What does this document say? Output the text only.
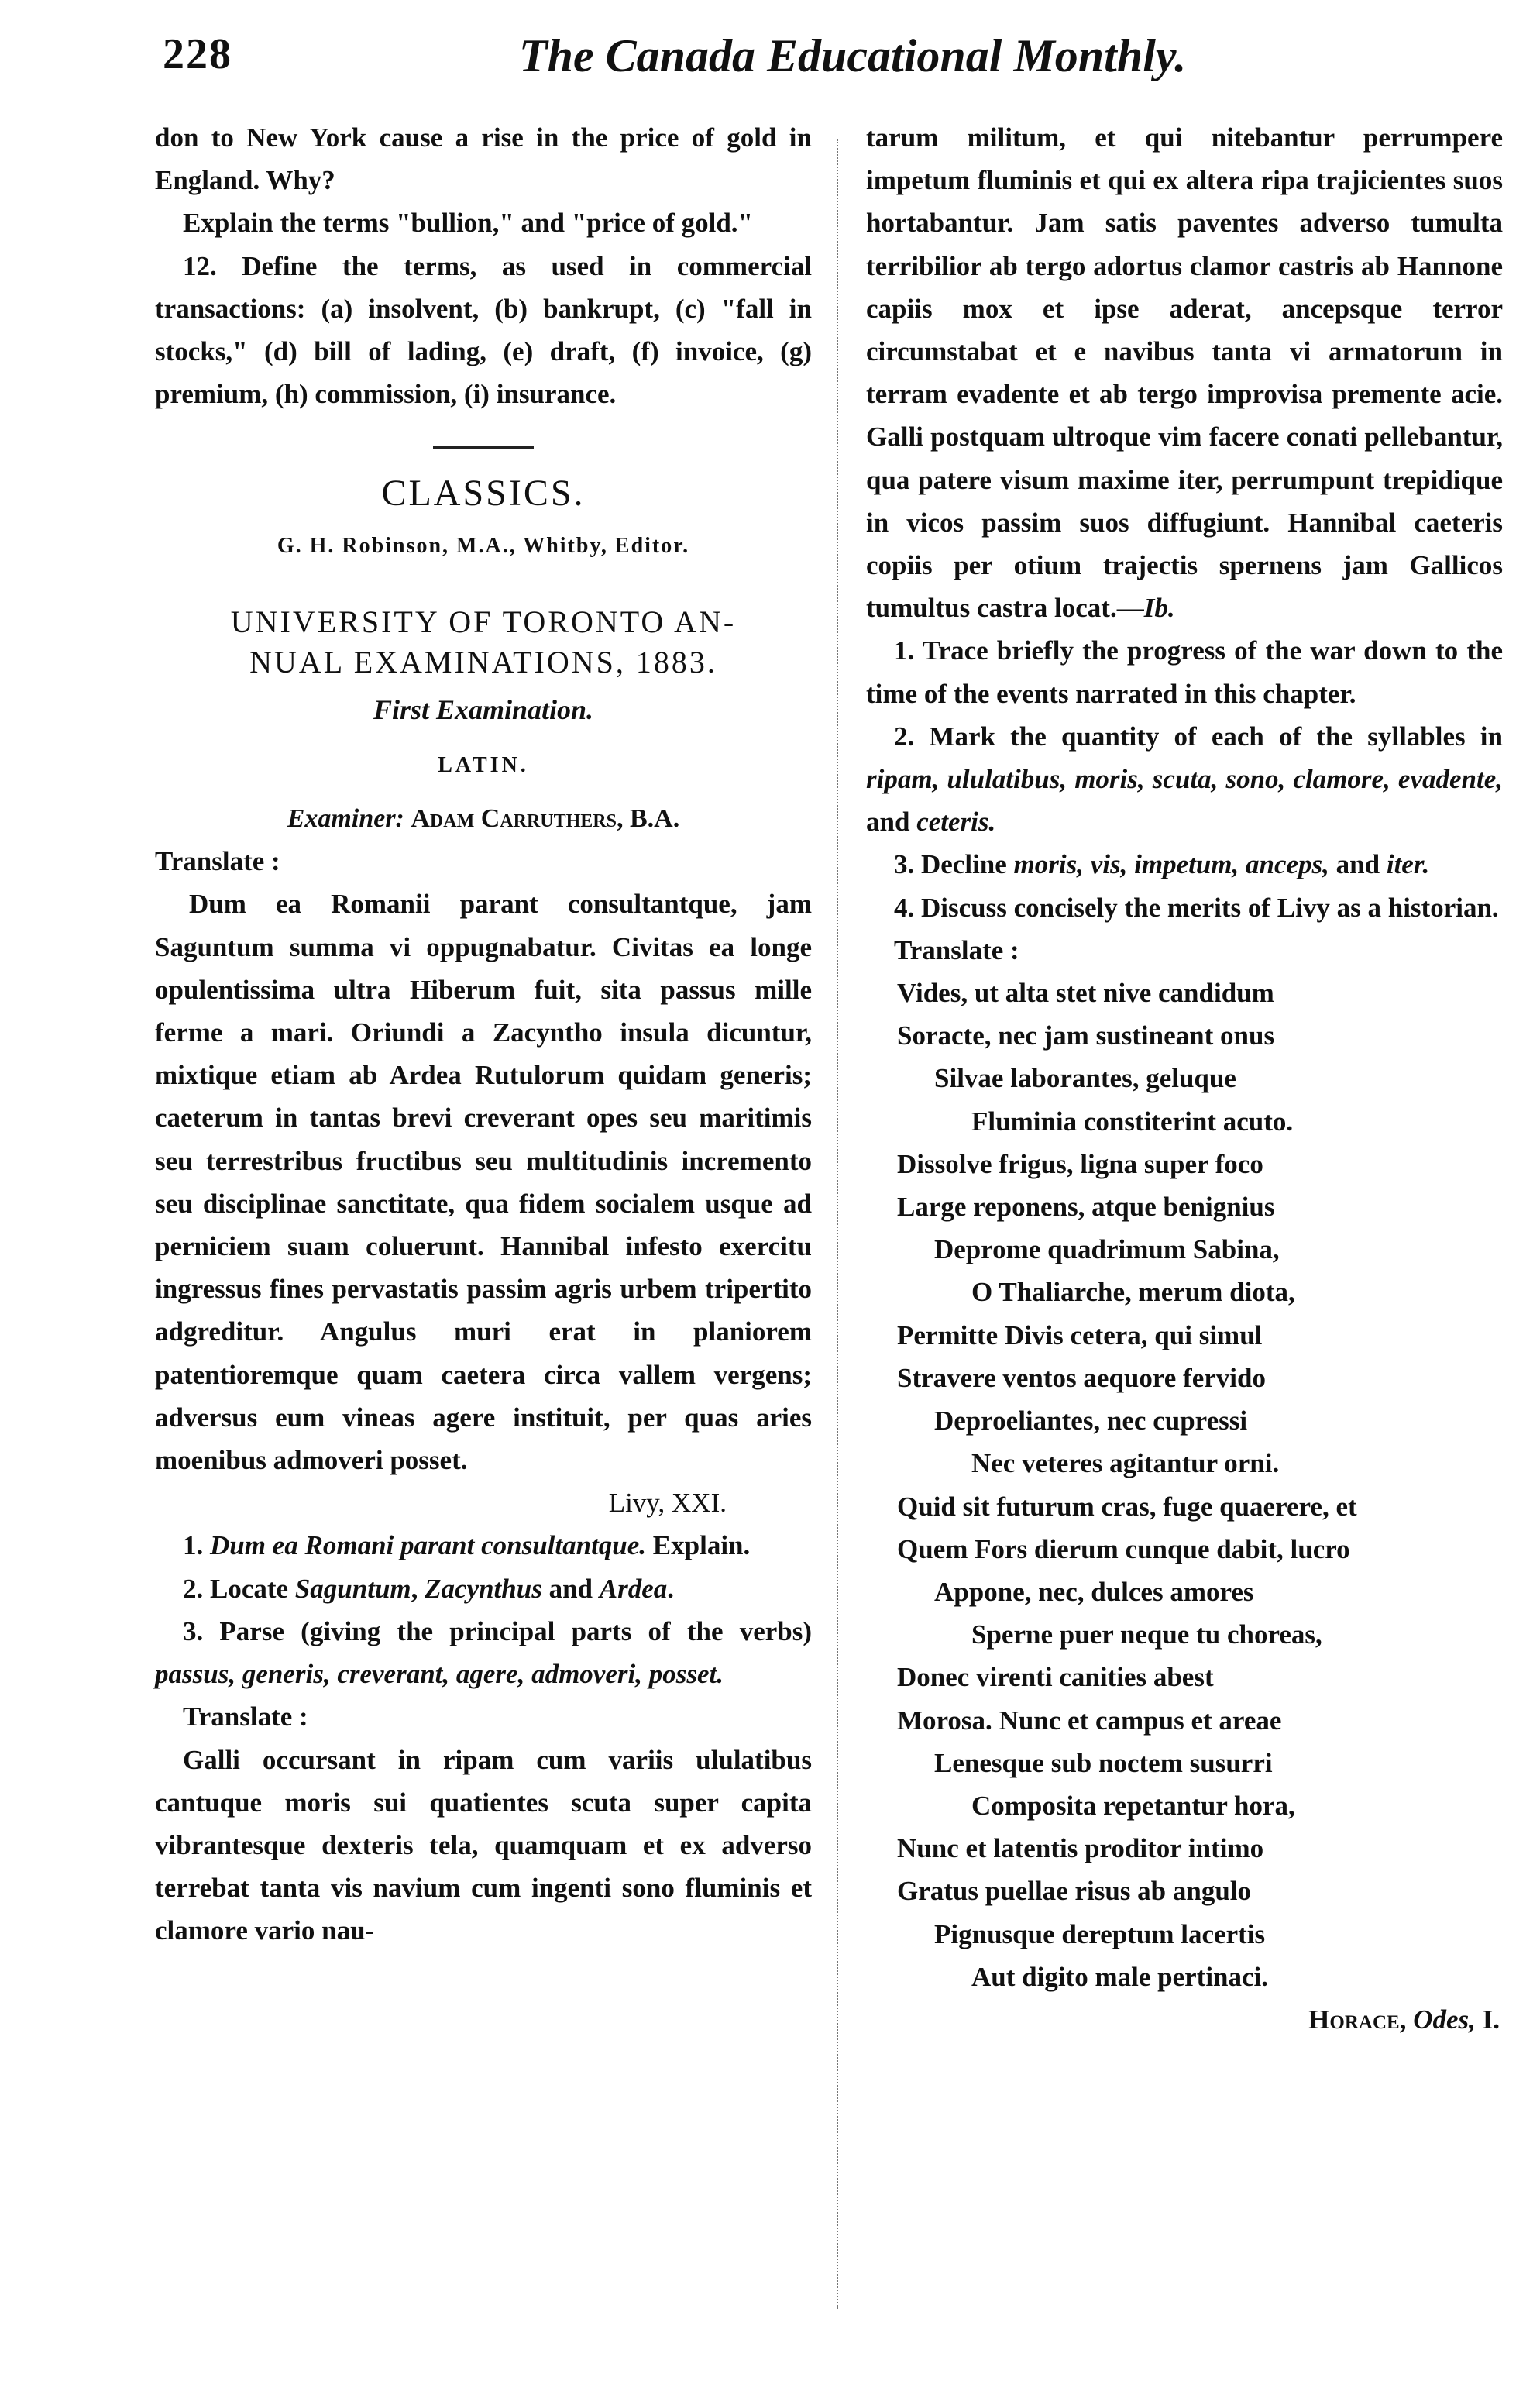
228	The Canada Educational Monthly.

don to New York cause a rise in the price of gold in England. Why?

Explain the terms "bullion," and "price of gold."

12. Define the terms, as used in commercial transactions: (a) insolvent, (b) bankrupt, (c) "fall in stocks," (d) bill of lading, (e) draft, (f) invoice, (g) premium, (h) commission, (i) insurance.

CLASSICS.
G. H. Robinson, M.A., Whitby, Editor.
UNIVERSITY OF TORONTO AN-
NUAL EXAMINATIONS, 1883.
First Examination.
LATIN.
Examiner: Adam Carruthers, B.A.

Translate :

Dum ea Romanii parant consultantque, jam Saguntum summa vi oppugnabatur. Civitas ea longe opulentissima ultra Hiberum fuit, sita passus mille ferme a mari. Oriundi a Zacyntho insula dicuntur, mixtique etiam ab Ardea Rutulorum quidam generis; caeterum in tantas brevi creverant opes seu maritimis seu terrestribus fructibus seu multitudinis incremento seu disciplinae sanctitate, qua fidem socialem usque ad perniciem suam coluerunt. Hannibal infesto exercitu ingressus fines pervastatis passim agris urbem tripertito adgreditur. Angulus muri erat in planiorem patentioremque quam caetera circa vallem vergens; adversus eum vineas agere instituit, per quas aries moenibus admoveri posset.

Livy, XXI.

1. Dum ea Romani parant consultantque. Explain.

2. Locate Saguntum, Zacynthus and Ardea.

3. Parse (giving the principal parts of the verbs) passus, generis, creverant, agere, admoveri, posset.

Translate :

Galli occursant in ripam cum variis ululatibus cantuque moris sui quatientes scuta super capita vibrantesque dexteris tela, quamquam et ex adverso terrebat tanta vis navium cum ingenti sono fluminis et clamore vario nau-

tarum militum, et qui nitebantur perrumpere impetum fluminis et qui ex altera ripa trajicientes suos hortabantur. Jam satis paventes adverso tumulta terribilior ab tergo adortus clamor castris ab Hannone capiis mox et ipse aderat, ancepsque terror circumstabat et e navibus tanta vi armatorum in terram evadente et ab tergo improvisa premente acie. Galli postquam ultroque vim facere conati pellebantur, qua patere visum maxime iter, perrumpunt trepidique in vicos passim suos diffugiunt. Hannibal caeteris copiis per otium trajectis spernens jam Gallicos tumultus castra locat.—Ib.

1. Trace briefly the progress of the war down to the time of the events narrated in this chapter.

2. Mark the quantity of each of the syllables in ripam, ululatibus, moris, scuta, sono, clamore, evadente, and ceteris.

3. Decline moris, vis, impetum, anceps, and iter.

4. Discuss concisely the merits of Livy as a historian.

Translate :

Vides, ut alta stet nive candidum
Soracte, nec jam sustineant onus
Silvae laborantes, geluque
Fluminia constiterint acuto.
Dissolve frigus, ligna super foco
Large reponens, atque benignius
Deprome quadrimum Sabina,
O Thaliarche, merum diota,
Permitte Divis cetera, qui simul
Stravere ventos aequore fervido
Deproeliantes, nec cupressi
Nec veteres agitantur orni.
Quid sit futurum cras, fuge quaerere, et
Quem Fors dierum cunque dabit, lucro
Appone, nec, dulces amores
Sperne puer neque tu choreas,
Donec virenti canities abest
Morosa. Nunc et campus et areae
Lenesque sub noctem susurri
Composita repetantur hora,
Nunc et latentis proditor intimo
Gratus puellae risus ab angulo
Pignusque dereptum lacertis
Aut digito male pertinaci.

Horace, Odes, I.
